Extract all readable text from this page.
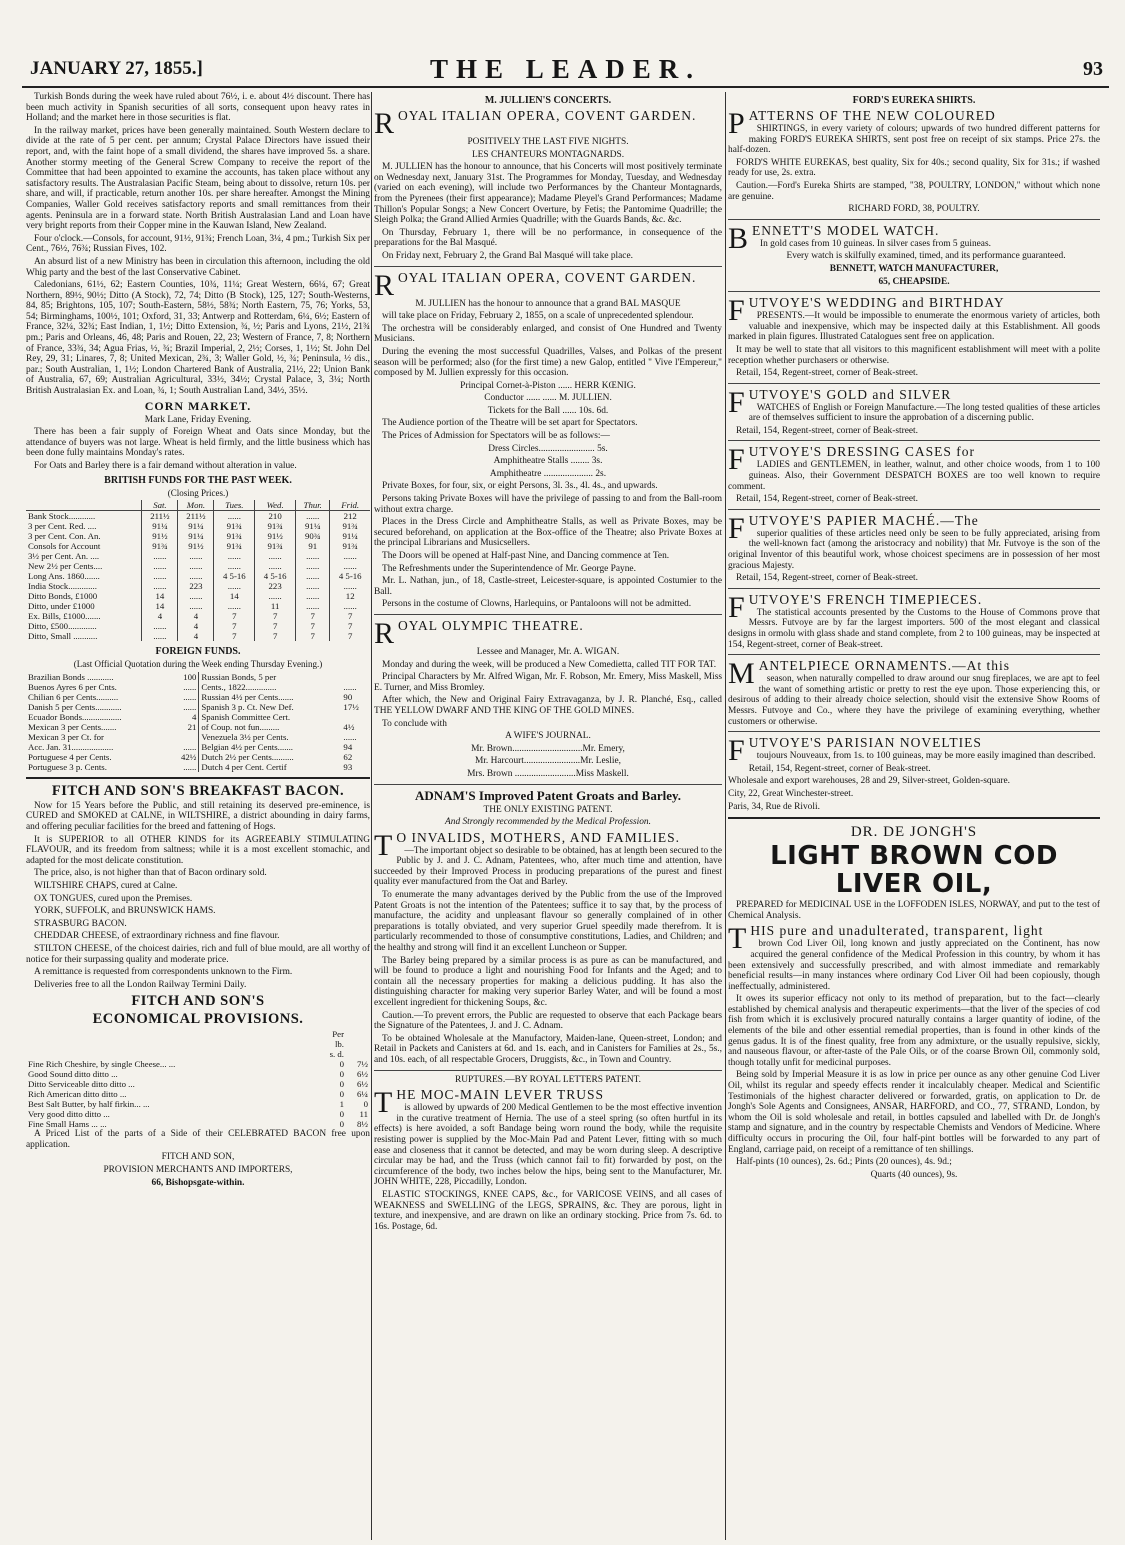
JANUARY 27, 1855.]	THE LEADER.	93

Turkish Bonds during the week have ruled about 76½, i. e. about 4½ discount. There has been much activity in Spanish securities of all sorts, consequent upon heavy rates in Holland; and the market here in those securities is flat.

In the railway market, prices have been generally maintained. South Western declare to divide at the rate of 5 per cent. per annum; Crystal Palace Directors have issued their report, and, with the faint hope of a small dividend, the shares have improved 5s. a share. Another stormy meeting of the General Screw Company to receive the report of the Committee that had been appointed to examine the accounts, has taken place without any satisfactory results. The Australasian Pacific Steam, being about to dissolve, return 10s. per share, and will, if practicable, return another 10s. per share hereafter. Amongst the Mining Companies, Waller Gold receives satisfactory reports and small remittances from their agents. Peninsula are in a forward state. North British Australasian Land and Loan have very bright reports from their Copper mine in the Kauwan Island, New Zealand.

Four o'clock.—Consols, for account, 91½, 91¾; French Loan, 3¼, 4 pm.; Turkish Six per Cent., 76½, 76¾; Russian Fives, 102.

An absurd list of a new Ministry has been in circulation this afternoon, including the old Whig party and the best of the last Conservative Cabinet.

Caledonians, 61½, 62; Eastern Counties, 10¾, 11¼; Great Western, 66¼, 67; Great Northern, 89½, 90½; Ditto (A Stock), 72, 74; Ditto (B Stock), 125, 127; South-Westerns, 84, 85; Brightons, 105, 107; South-Eastern, 58½, 58¾; North Eastern, 75, 76; Yorks, 53, 54; Birminghams, 100½, 101; Oxford, 31, 33; Antwerp and Rotterdam, 6¼, 6½; Eastern of France, 32¼, 32¾; East Indian, 1, 1½; Ditto Extension, ¾, ½; Paris and Lyons, 21½, 21¾ pm.; Paris and Orleans, 46, 48; Paris and Rouen, 22, 23; Western of France, 7, 8; Northern of France, 33¾, 34; Agua Frias, ½, ¾; Brazil Imperial, 2, 2½; Corses, 1, 1½; St. John Del Rey, 29, 31; Linares, 7, 8; United Mexican, 2¾, 3; Waller Gold, ½, ¾; Peninsula, ½ dis., par.; South Australian, 1, 1½; London Chartered Bank of Australia, 21½, 22; Union Bank of Australia, 67, 69; Australian Agricultural, 33½, 34½; Crystal Palace, 3, 3¼; North British Australasian Ex. and Loan, ¾, 1; South Australian Land, 34½, 35½.

CORN MARKET.

Mark Lane, Friday Evening.

There has been a fair supply of Foreign Wheat and Oats since Monday, but the attendance of buyers was not large. Wheat is held firmly, and the little business which has been done fully maintains Monday's rates.

For Oats and Barley there is a fair demand without alteration in value.

BRITISH FUNDS FOR THE PAST WEEK.

(Closing Prices.)

	Sat.	Mon.	Tues.	Wed.	Thur.	Frid.
Bank Stock............	211½	211½	......	210	......	212
3 per Cent. Red. ....	91¼	91¼	91¾	91¾	91¼	91¾
3 per Cent. Con. An.	91½	91¼	91¾	91½	90¾	91¼
Consols for Account	91¾	91½	91¾	91¾	91	91¾
3½ per Cent. An. ....	......	......	......	......	......	......
New 2½ per Cents....	......	......	......	......	......	......
Long Ans. 1860.......	......	......	4 5-16	4 5-16	......	4 5-16
India Stock.............	......	223	......	223	......	......
Ditto Bonds, £1000	14	......	14	......	......	12
Ditto, under £1000	14	......	......	11	......	......
Ex. Bills, £1000.......	4	4	7	7	7	7
Ditto, £500.............	......	4	7	7	7	7
Ditto, Small ...........	......	4	7	7	7	7
FOREIGN FUNDS.

(Last Official Quotation during the Week ending Thursday Evening.)

Brazilian Bonds ............	100	Russian Bonds, 5 per	
Buenos Ayres 6 per Cnts.	......	Cents., 1822..............	......
Chilian 6 per Cents..........	......	Russian 4½ per Cents.......	90
Danish 5 per Cents............	......	Spanish 3 p. Ct. New Def.	17½
Ecuador Bonds..................	4	Spanish Committee Cert.	
Mexican 3 per Cents.......	21	of Coup. not fun.........	4½
Mexican 3 per Ct. for		Venezuela 3½ per Cents.	......
Acc. Jan. 31...................	......	Belgian 4½ per Cents.......	94
Portuguese 4 per Cents.	42½	Dutch 2½ per Cents..........	62
Portuguese 3 p. Cents.	......	Dutch 4 per Cent. Certif	93
FITCH AND SON'S BREAKFAST BACON.

Now for 15 Years before the Public, and still retaining its deserved pre-eminence, is CURED and SMOKED at CALNE, in WILTSHIRE, a district abounding in dairy farms, and offering peculiar facilities for the breed and fattening of Hogs.

It is SUPERIOR to all OTHER KINDS for its AGREEABLY STIMULATING FLAVOUR, and its freedom from saltness; while it is a most excellent stomachic, and adapted for the most delicate constitution.

The price, also, is not higher than that of Bacon ordinary sold.

WILTSHIRE CHAPS, cured at Calne.

OX TONGUES, cured upon the Premises.

YORK, SUFFOLK, and BRUNSWICK HAMS.

STRASBURG BACON.

CHEDDAR CHEESE, of extraordinary richness and fine flavour.

STILTON CHEESE, of the choicest dairies, rich and full of blue mould, are all worthy of notice for their surpassing quality and moderate price.

A remittance is requested from correspondents unknown to the Firm.

Deliveries free to all the London Railway Termini Daily.

FITCH AND SON'S
ECONOMICAL PROVISIONS.
	Per lb.	
	s. d.	
Fine Rich Cheshire, by single Cheese... ...	0	7½
Good Sound ditto ditto ...	0	6½
Ditto Serviceable ditto ditto ...	0	6½
Rich American ditto ditto ...	0	6¼
Best Salt Butter, by half firkin... ...	1	0
Very good ditto ditto ...	0	11
Fine Small Hams ... ...	0	8½

A Priced List of the parts of a Side of their CELEBRATED BACON free upon application.

FITCH AND SON,

PROVISION MERCHANTS AND IMPORTERS,

66, Bishopsgate-within.

M. JULLIEN'S CONCERTS.
ROYAL ITALIAN OPERA, COVENT GARDEN.

POSITIVELY THE LAST FIVE NIGHTS.

LES CHANTEURS MONTAGNARDS.

M. JULLIEN has the honour to announce, that his Concerts will most positively terminate on Wednesday next, January 31st. The Programmes for Monday, Tuesday, and Wednesday (varied on each evening), will include two Performances by the Chanteur Montagnards, from the Pyrenees (their first appearance); Madame Pleyel's Grand Performances; Madame Thillon's Popular Songs; a New Concert Overture, by Fetis; the Pantomime Quadrille; the Sleigh Polka; the Grand Allied Armies Quadrille; with the Guards Bands, &c. &c.

On Thursday, February 1, there will be no performance, in consequence of the preparations for the Bal Masqué.

On Friday next, February 2, the Grand Bal Masqué will take place.

ROYAL ITALIAN OPERA, COVENT GARDEN.

M. JULLIEN has the honour to announce that a grand BAL MASQUE

will take place on Friday, February 2, 1855, on a scale of unprecedented splendour.

The orchestra will be considerably enlarged, and consist of One Hundred and Twenty Musicians.

During the evening the most successful Quadrilles, Valses, and Polkas of the present season will be performed; also (for the first time) a new Galop, entitled " Vive l'Empereur," composed by M. Jullien expressly for this occasion.

Principal Cornet-à-Piston ...... HERR KŒNIG.

Conductor ...... ...... M. JULLIEN.

Tickets for the Ball ...... 10s. 6d.

The Audience portion of the Theatre will be set apart for Spectators.

The Prices of Admission for Spectators will be as follows:—

Dress Circles........................ 5s.

Amphitheatre Stalls ........ 3s.

Amphitheatre ..................... 2s.

Private Boxes, for four, six, or eight Persons, 3l. 3s., 4l. 4s., and upwards.

Persons taking Private Boxes will have the privilege of passing to and from the Ball-room without extra charge.

Places in the Dress Circle and Amphitheatre Stalls, as well as Private Boxes, may be secured beforehand, on application at the Box-office of the Theatre; also Private Boxes at the principal Librarians and Musicsellers.

The Doors will be opened at Half-past Nine, and Dancing commence at Ten.

The Refreshments under the Superintendence of Mr. George Payne.

Mr. L. Nathan, jun., of 18, Castle-street, Leicester-square, is appointed Costumier to the Ball.

Persons in the costume of Clowns, Harlequins, or Pantaloons will not be admitted.

ROYAL OLYMPIC THEATRE.

Lessee and Manager, Mr. A. WIGAN.

Monday and during the week, will be produced a New Comedietta, called TIT FOR TAT.

Principal Characters by Mr. Alfred Wigan, Mr. F. Robson, Mr. Emery, Miss Maskell, Miss E. Turner, and Miss Bromley.

After which, the New and Original Fairy Extravaganza, by J. R. Planché, Esq., called THE YELLOW DWARF AND THE KING OF THE GOLD MINES.

To conclude with

A WIFE'S JOURNAL.

Mr. Brown..............................Mr. Emery,

Mr. Harcourt........................Mr. Leslie,

Mrs. Brown ..........................Miss Maskell.

ADNAM'S Improved Patent Groats and Barley.

THE ONLY EXISTING PATENT.

And Strongly recommended by the Medical Profession.

T O INVALIDS, MOTHERS, AND FAMILIES.

—The important object so desirable to be obtained, has at length been secured to the Public by J. and J. C. Adnam, Patentees, who, after much time and attention, have succeeded by their Improved Process in producing preparations of the purest and finest quality ever manufactured from the Oat and Barley.

To enumerate the many advantages derived by the Public from the use of the Improved Patent Groats is not the intention of the Patentees; suffice it to say that, by the process of manufacture, the acidity and unpleasant flavour so generally complained of in other preparations is totally obviated, and very superior Gruel speedily made therefrom. It is particularly recommended to those of consumptive constitutions, Ladies, and Children; and the healthy and strong will find it an excellent Luncheon or Supper.

The Barley being prepared by a similar process is as pure as can be manufactured, and will be found to produce a light and nourishing Food for Infants and the Aged; and to contain all the necessary properties for making a delicious pudding. It has also the distinguishing character for making very superior Barley Water, and will be found a most excellent ingredient for thickening Soups, &c.

Caution.—To prevent errors, the Public are requested to observe that each Package bears the Signature of the Patentees, J. and J. C. Adnam.

To be obtained Wholesale at the Manufactory, Maiden-lane, Queen-street, London; and Retail in Packets and Canisters at 6d. and 1s. each, and in Canisters for Families at 2s., 5s., and 10s. each, of all respectable Grocers, Druggists, &c., in Town and Country.

RUPTURES.—BY ROYAL LETTERS PATENT.

THE MOC-MAIN LEVER TRUSS

is allowed by upwards of 200 Medical Gentlemen to be the most effective invention in the curative treatment of Hernia. The use of a steel spring (so often hurtful in its effects) is here avoided, a soft Bandage being worn round the body, while the requisite resisting power is supplied by the Moc-Main Pad and Patent Lever, fitting with so much ease and closeness that it cannot be detected, and may be worn during sleep. A descriptive circular may be had, and the Truss (which cannot fail to fit) forwarded by post, on the circumference of the body, two inches below the hips, being sent to the Manufacturer, Mr. JOHN WHITE, 228, Piccadilly, London.

ELASTIC STOCKINGS, KNEE CAPS, &c., for VARICOSE VEINS, and all cases of WEAKNESS and SWELLING of the LEGS, SPRAINS, &c. They are porous, light in texture, and inexpensive, and are drawn on like an ordinary stocking. Price from 7s. 6d. to 16s. Postage, 6d.

FORD'S EUREKA SHIRTS.
PATTERNS OF THE NEW COLOURED

SHIRTINGS, in every variety of colours; upwards of two hundred different patterns for making FORD'S EUREKA SHIRTS, sent post free on receipt of six stamps. Price 27s. the half-dozen.

FORD'S WHITE EUREKAS, best quality, Six for 40s.; second quality, Six for 31s.; if washed ready for use, 2s. extra.

Caution.—Ford's Eureka Shirts are stamped, "38, POULTRY, LONDON," without which none are genuine.

RICHARD FORD, 38, POULTRY.

BENNETT'S MODEL WATCH.

In gold cases from 10 guineas. In silver cases from 5 guineas.

Every watch is skilfully examined, timed, and its performance guaranteed.

BENNETT, WATCH MANUFACTURER,

65, CHEAPSIDE.

FUTVOYE'S WEDDING and BIRTHDAY

PRESENTS.—It would be impossible to enumerate the enormous variety of articles, both valuable and inexpensive, which may be inspected daily at this Establishment. All goods marked in plain figures. Illustrated Catalogues sent free on application.

It may be well to state that all visitors to this magnificent establishment will meet with a polite reception whether purchasers or otherwise.

Retail, 154, Regent-street, corner of Beak-street.

FUTVOYE'S GOLD and SILVER

WATCHES of English or Foreign Manufacture.—The long tested qualities of these articles are of themselves sufficient to insure the approbation of a discerning public.

Retail, 154, Regent-street, corner of Beak-street.

FUTVOYE'S DRESSING CASES for

LADIES and GENTLEMEN, in leather, walnut, and other choice woods, from 1 to 100 guineas. Also, their Government DESPATCH BOXES are too well known to require comment.

Retail, 154, Regent-street, corner of Beak-street.

FUTVOYE'S PAPIER MACHÉ.—The

superior qualities of these articles need only be seen to be fully appreciated, arising from the well-known fact (among the aristocracy and nobility) that Mr. Futvoye is the son of the original Inventor of this beautiful work, whose choicest specimens are in possession of her most gracious Majesty.

Retail, 154, Regent-street, corner of Beak-street.

FUTVOYE'S FRENCH TIMEPIECES.

The statistical accounts presented by the Customs to the House of Commons prove that Messrs. Futvoye are by far the largest importers. 500 of the most elegant and classical designs in ormolu with glass shade and stand complete, from 2 to 100 guineas, may be inspected at 154, Regent-street, corner of Beak-street.

MANTELPIECE ORNAMENTS.—At this

season, when naturally compelled to draw around our snug fireplaces, we are apt to feel the want of something artistic or pretty to rest the eye upon. Those experiencing this, or desirous of adding to their already choice selection, should visit the extensive Show Rooms of Messrs. Futvoye and Co., where they have the privilege of examining everything, whether customers or otherwise.

FUTVOYE'S PARISIAN NOVELTIES

toujours Nouveaux, from 1s. to 100 guineas, may be more easily imagined than described.

Retail, 154, Regent-street, corner of Beak-street.

Wholesale and export warehouses, 28 and 29, Silver-street, Golden-square.

City, 22, Great Winchester-street.

Paris, 34, Rue de Rivoli.

DR. DE JONGH'S
LIGHT BROWN COD LIVER OIL,

PREPARED for MEDICINAL USE in the LOFFODEN ISLES, NORWAY, and put to the test of Chemical Analysis.

THIS pure and unadulterated, transparent, light

brown Cod Liver Oil, long known and justly appreciated on the Continent, has now acquired the general confidence of the Medical Profession in this country, by whom it has been extensively and successfully prescribed, and with almost immediate and remarkably beneficial results—in many instances where ordinary Cod Liver Oil had been copiously, though ineffectually, administered.

It owes its superior efficacy not only to its method of preparation, but to the fact—clearly established by chemical analysis and therapeutic experiments—that the liver of the species of cod fish from which it is exclusively procured naturally contains a larger quantity of iodine, of the elements of the bile and other essential remedial properties, than is found in other kinds of the genus gadus. It is of the finest quality, free from any admixture, or the usually repulsive, sickly, and nauseous flavour, or after-taste of the Pale Oils, or of the coarse Brown Oil, commonly sold, though totally unfit for medicinal purposes.

Being sold by Imperial Measure it is as low in price per ounce as any other genuine Cod Liver Oil, whilst its regular and speedy effects render it incalculably cheaper. Medical and Scientific Testimonials of the highest character delivered or forwarded, gratis, on application to Dr. de Jongh's Sole Agents and Consignees, ANSAR, HARFORD, and CO., 77, STRAND, London, by whom the Oil is sold wholesale and retail, in bottles capsuled and labelled with Dr. de Jongh's stamp and signature, and in the country by respectable Chemists and Vendors of Medicine. Where difficulty occurs in procuring the Oil, four half-pint bottles will be forwarded to any part of England, carriage paid, on receipt of a remittance of ten shillings.

Half-pints (10 ounces), 2s. 6d.; Pints (20 ounces), 4s. 9d.;

Quarts (40 ounces), 9s.
